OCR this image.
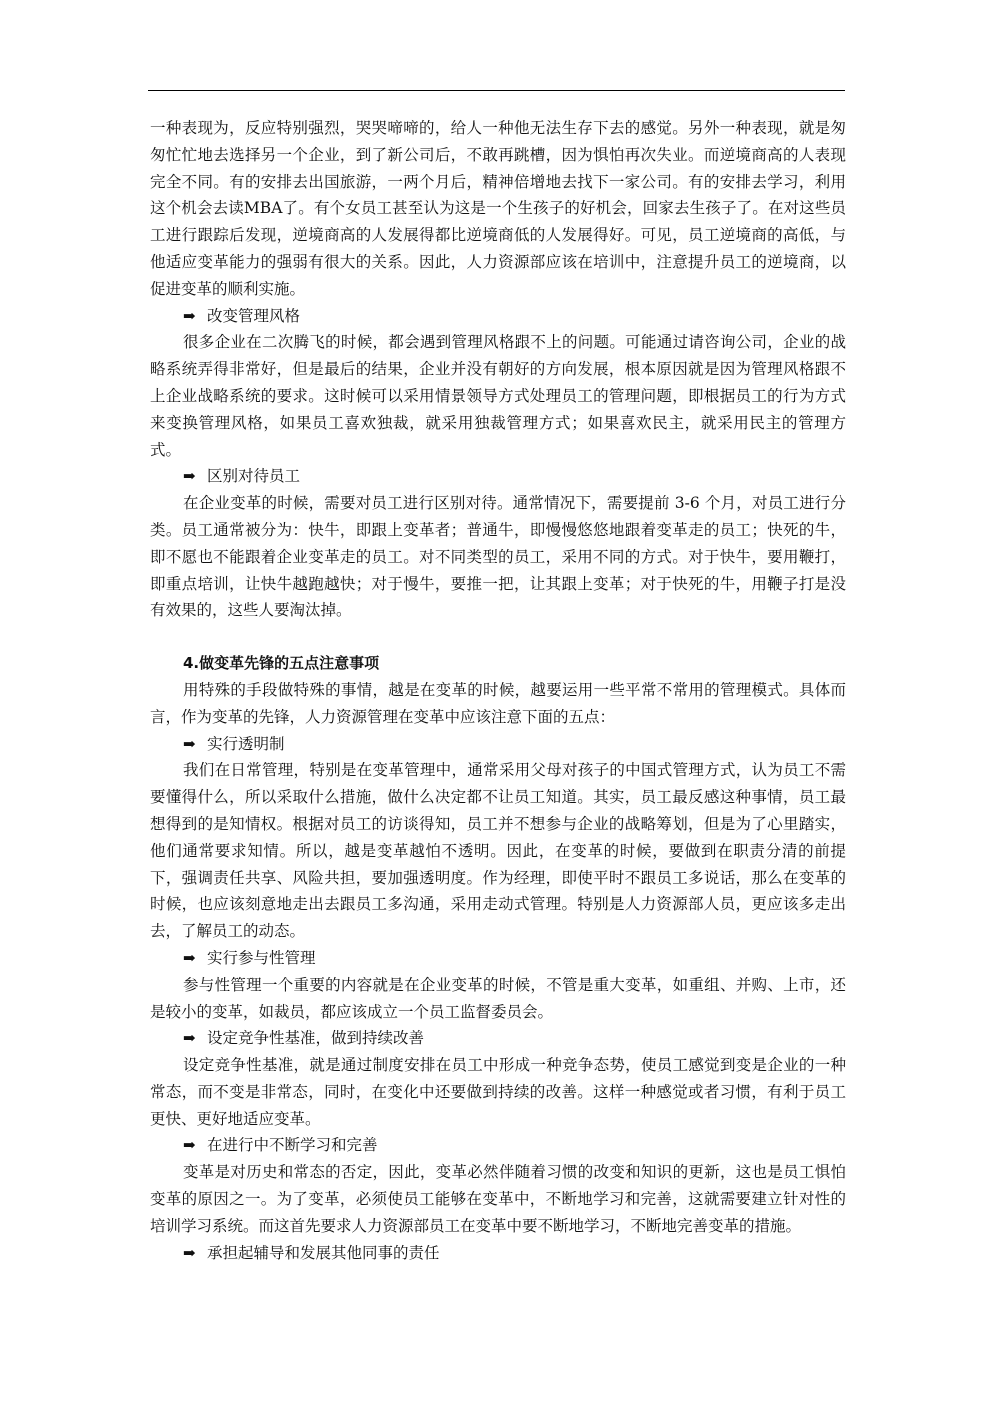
一种表现为，反应特别强烈，哭哭啼啼的，给人一种他无法生存下去的感觉。另外一种表现，就是匆匆忙忙地去选择另一个企业，到了新公司后，不敢再跳槽，因为惧怕再次失业。而逆境商高的人表现完全不同。有的安排去出国旅游，一两个月后，精神倍增地去找下一家公司。有的安排去学习，利用这个机会去读MBA了。有个女员工甚至认为这是一个生孩子的好机会，回家去生孩子了。在对这些员工进行跟踪后发现，逆境商高的人发展得都比逆境商低的人发展得好。可见，员工逆境商的高低，与他适应变革能力的强弱有很大的关系。因此，人力资源部应该在培训中，注意提升员工的逆境商，以促进变革的顺利实施。

➡ 改变管理风格

很多企业在二次腾飞的时候，都会遇到管理风格跟不上的问题。可能通过请咨询公司，企业的战略系统弄得非常好，但是最后的结果，企业并没有朝好的方向发展，根本原因就是因为管理风格跟不上企业战略系统的要求。这时候可以采用情景领导方式处理员工的管理问题，即根据员工的行为方式来变换管理风格，如果员工喜欢独裁，就采用独裁管理方式；如果喜欢民主，就采用民主的管理方式。

➡ 区别对待员工

在企业变革的时候，需要对员工进行区别对待。通常情况下，需要提前 3-6 个月，对员工进行分类。员工通常被分为：快牛，即跟上变革者；普通牛，即慢慢悠悠地跟着变革走的员工；快死的牛，即不愿也不能跟着企业变革走的员工。对不同类型的员工，采用不同的方式。对于快牛，要用鞭打，即重点培训，让快牛越跑越快；对于慢牛，要推一把，让其跟上变革；对于快死的牛，用鞭子打是没有效果的，这些人要淘汰掉。

4.做变革先锋的五点注意事项

用特殊的手段做特殊的事情，越是在变革的时候，越要运用一些平常不常用的管理模式。具体而言，作为变革的先锋，人力资源管理在变革中应该注意下面的五点：

➡ 实行透明制

我们在日常管理，特别是在变革管理中，通常采用父母对孩子的中国式管理方式，认为员工不需要懂得什么，所以采取什么措施，做什么决定都不让员工知道。其实，员工最反感这种事情，员工最想得到的是知情权。根据对员工的访谈得知，员工并不想参与企业的战略筹划，但是为了心里踏实，他们通常要求知情。所以，越是变革越怕不透明。因此，在变革的时候，要做到在职责分清的前提下，强调责任共享、风险共担，要加强透明度。作为经理，即使平时不跟员工多说话，那么在变革的时候，也应该刻意地走出去跟员工多沟通，采用走动式管理。特别是人力资源部人员，更应该多走出去，了解员工的动态。

➡ 实行参与性管理

参与性管理一个重要的内容就是在企业变革的时候，不管是重大变革，如重组、并购、上市，还是较小的变革，如裁员，都应该成立一个员工监督委员会。

➡ 设定竞争性基准，做到持续改善

设定竞争性基准，就是通过制度安排在员工中形成一种竞争态势，使员工感觉到变是企业的一种常态，而不变是非常态，同时，在变化中还要做到持续的改善。这样一种感觉或者习惯，有利于员工更快、更好地适应变革。

➡ 在进行中不断学习和完善

变革是对历史和常态的否定，因此，变革必然伴随着习惯的改变和知识的更新，这也是员工惧怕变革的原因之一。为了变革，必须使员工能够在变革中，不断地学习和完善，这就需要建立针对性的培训学习系统。而这首先要求人力资源部员工在变革中要不断地学习，不断地完善变革的措施。

➡ 承担起辅导和发展其他同事的责任
